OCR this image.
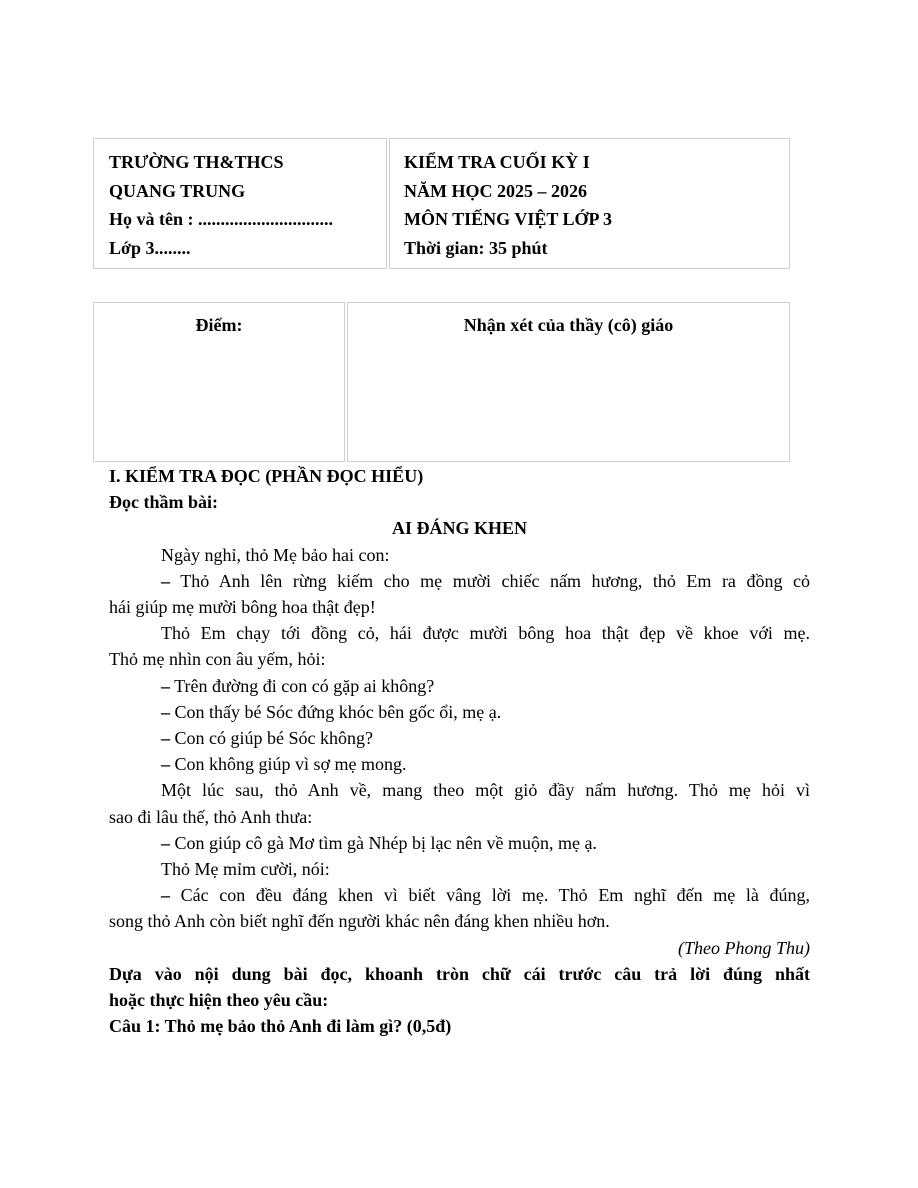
TRƯỜNG TH&THCS

QUANG TRUNG

Họ và tên : ..............................

Lớp 3........

KIỂM TRA CUỐI KỲ I

NĂM HỌC 2025 – 2026

MÔN TIẾNG VIỆT LỚP 3

Thời gian: 35 phút

Điểm:	Nhận xét của thầy (cô) giáo

I. KIỂM TRA ĐỌC (PHẦN ĐỌC HIỂU)

Đọc thầm bài:

AI ĐÁNG KHEN

Ngày nghỉ, thỏ Mẹ bảo hai con:

– Thỏ Anh lên rừng kiếm cho mẹ mười chiếc nấm hương, thỏ Em ra đồng cỏ

hái giúp mẹ mười bông hoa thật đẹp!

Thỏ Em chạy tới đồng cỏ, hái được mười bông hoa thật đẹp về khoe với mẹ.

Thỏ mẹ nhìn con âu yếm, hỏi:

– Trên đường đi con có gặp ai không?

– Con thấy bé Sóc đứng khóc bên gốc ổi, mẹ ạ.

– Con có giúp bé Sóc không?

– Con không giúp vì sợ mẹ mong.

Một lúc sau, thỏ Anh về, mang theo một giỏ đầy nấm hương. Thỏ mẹ hỏi vì

sao đi lâu thế, thỏ Anh thưa:

– Con giúp cô gà Mơ tìm gà Nhép bị lạc nên về muộn, mẹ ạ.

Thỏ Mẹ mỉm cười, nói:

– Các con đều đáng khen vì biết vâng lời mẹ. Thỏ Em nghĩ đến mẹ là đúng,

song thỏ Anh còn biết nghĩ đến người khác nên đáng khen nhiều hơn.

(Theo Phong Thu)

Dựa vào nội dung bài đọc, khoanh tròn chữ cái trước câu trả lời đúng nhất

hoặc thực hiện theo yêu cầu:

Câu 1: Thỏ mẹ bảo thỏ Anh đi làm gì? (0,5đ)
